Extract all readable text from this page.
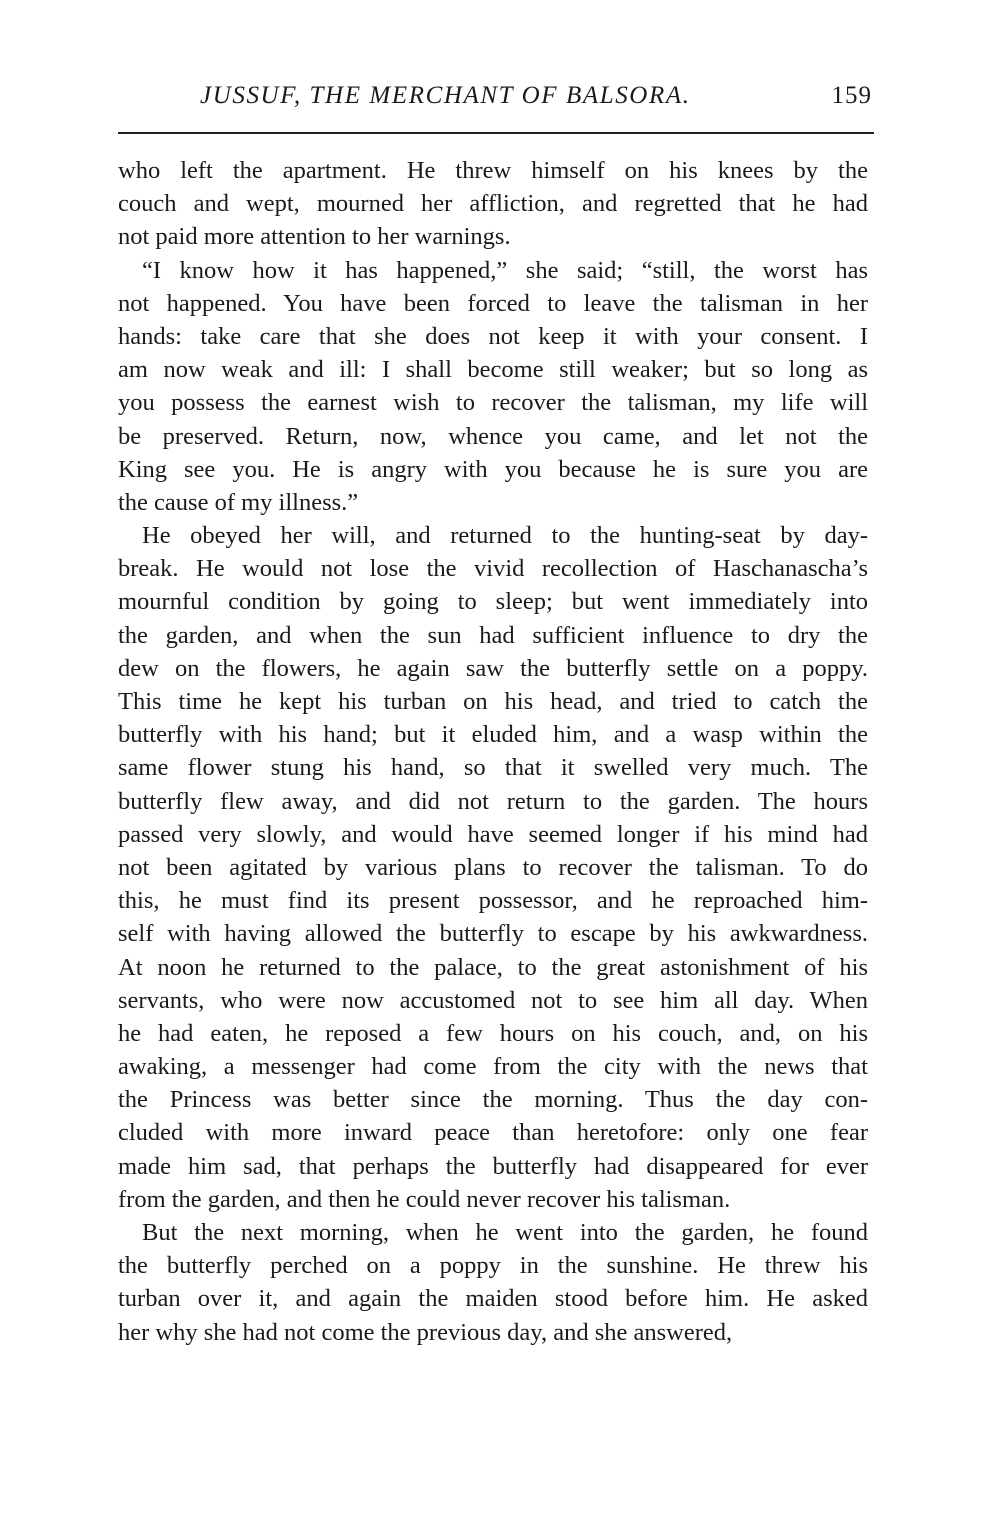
JUSSUF, THE MERCHANT OF BALSORA.	159
who left the apartment. He threw himself on his knees by the
couch and wept, mourned her affliction, and regretted that he had
not paid more attention to her warnings.
“I know how it has happened,” she said; “still, the worst has
not happened. You have been forced to leave the talisman in her
hands: take care that she does not keep it with your consent. I
am now weak and ill: I shall become still weaker; but so long as
you possess the earnest wish to recover the talisman, my life will
be preserved. Return, now, whence you came, and let not the
King see you. He is angry with you because he is sure you are
the cause of my illness.”
He obeyed her will, and returned to the hunting-seat by day-
break. He would not lose the vivid recollection of Haschanascha’s
mournful condition by going to sleep; but went immediately into
the garden, and when the sun had sufficient influence to dry the
dew on the flowers, he again saw the butterfly settle on a poppy.
This time he kept his turban on his head, and tried to catch the
butterfly with his hand; but it eluded him, and a wasp within the
same flower stung his hand, so that it swelled very much. The
butterfly flew away, and did not return to the garden. The hours
passed very slowly, and would have seemed longer if his mind had
not been agitated by various plans to recover the talisman. To do
this, he must find its present possessor, and he reproached him-
self with having allowed the butterfly to escape by his awkwardness.
At noon he returned to the palace, to the great astonishment of his
servants, who were now accustomed not to see him all day. When
he had eaten, he reposed a few hours on his couch, and, on his
awaking, a messenger had come from the city with the news that
the Princess was better since the morning. Thus the day con-
cluded with more inward peace than heretofore: only one fear
made him sad, that perhaps the butterfly had disappeared for ever
from the garden, and then he could never recover his talisman.
But the next morning, when he went into the garden, he found
the butterfly perched on a poppy in the sunshine. He threw his
turban over it, and again the maiden stood before him. He asked
her why she had not come the previous day, and she answered,
